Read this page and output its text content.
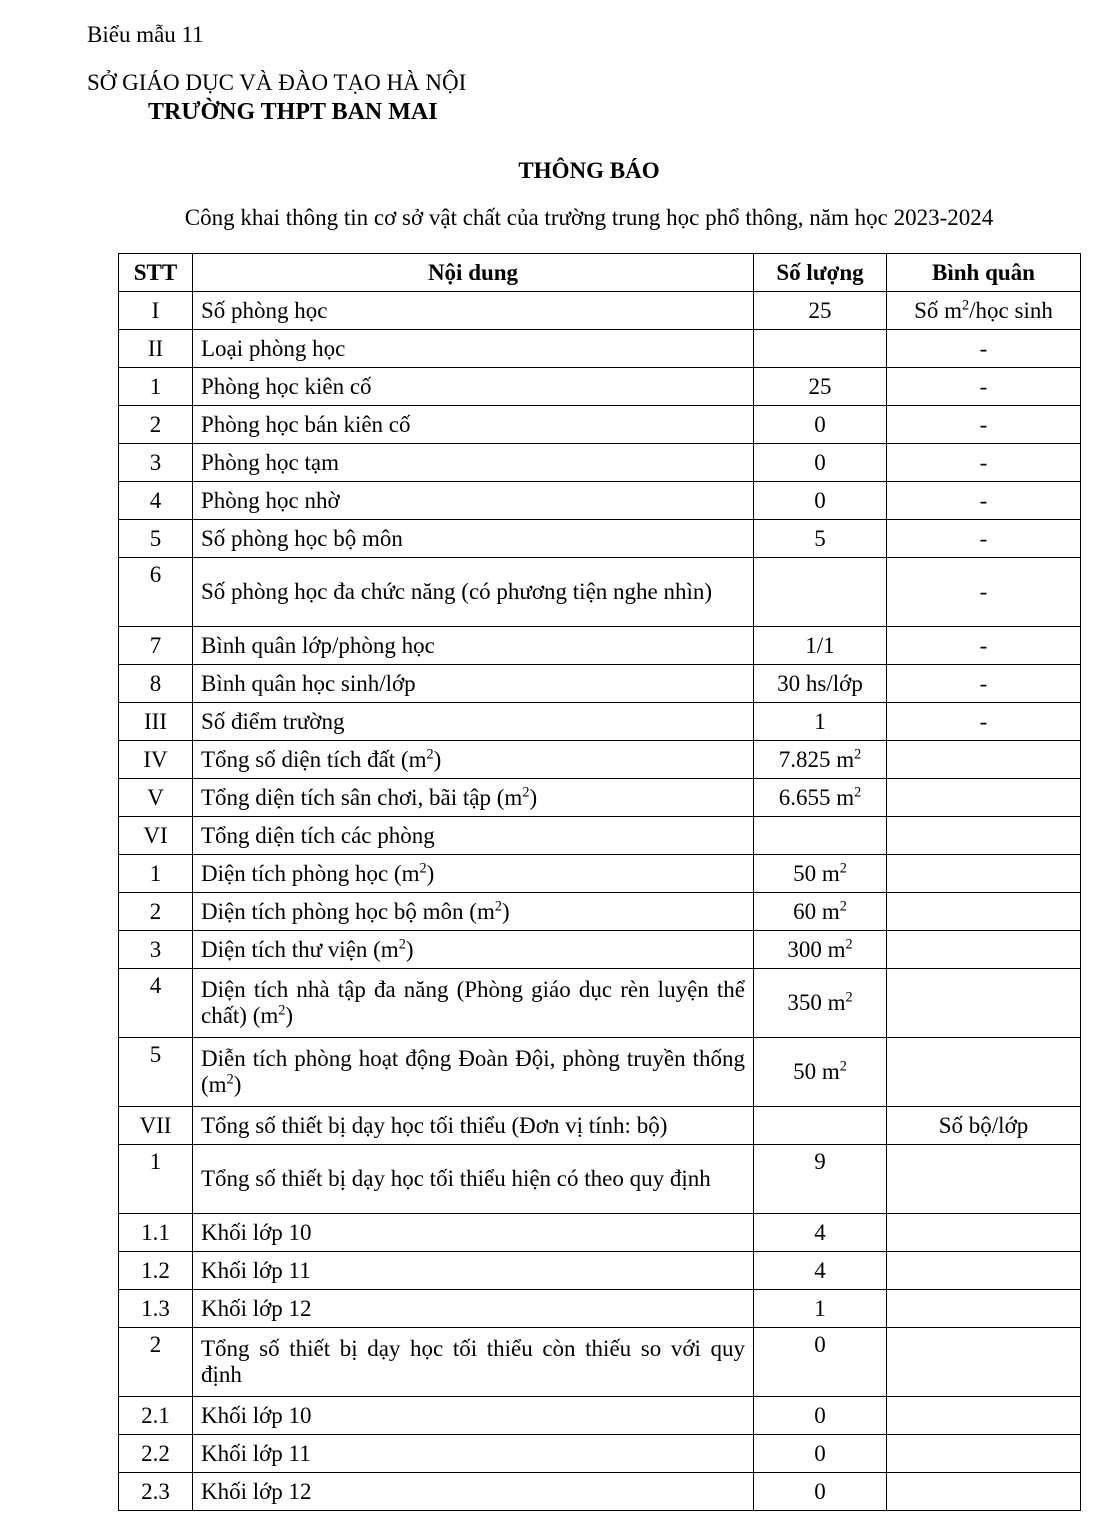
Biểu mẫu 11
SỞ GIÁO DỤC VÀ ĐÀO TẠO HÀ NỘI
TRƯỜNG THPT BAN MAI
THÔNG BÁO
Công khai thông tin cơ sở vật chất của trường trung học phổ thông, năm học 2023-2024
STT	Nội dung	Số lượng	Bình quân
I	Số phòng học	25	Số $m^2$/học sinh
II	Loại phòng học		-
1	Phòng học kiên cố	25	-
2	Phòng học bán kiên cố	0	-
3	Phòng học tạm	0	-
4	Phòng học nhờ	0	-
5	Số phòng học bộ môn	5	-
6	Số phòng học đa chức năng (có phương tiện nghe nhìn)		-
7	Bình quân lớp/phòng học	1/1	-
8	Bình quân học sinh/lớp	30 hs/lớp	-
III	Số điểm trường	1	-
IV	Tổng số diện tích đất $(m^2)$	7.825 $m^2$	
V	Tổng diện tích sân chơi, bãi tập $(m^2)$	6.655 $m^2$	
VI	Tổng diện tích các phòng		
1	Diện tích phòng học $(m^2)$	50 $m^2$	
2	Diện tích phòng học bộ môn $(m^2)$	60 $m^2$	
3	Diện tích thư viện $(m^2)$	300 $m^2$	
4	Diện tích nhà tập đa năng (Phòng giáo dục rèn luyện thể chất) $(m^2)$	350 $m^2$	
5	Diễn tích phòng hoạt động Đoàn Đội, phòng truyền thống $(m^2)$	50 $m^2$	
VII	Tổng số thiết bị dạy học tối thiểu (Đơn vị tính: bộ)		Số bộ/lớp
1	Tổng số thiết bị dạy học tối thiểu hiện có theo quy định	9	
1.1	Khối lớp 10	4	
1.2	Khối lớp 11	4	
1.3	Khối lớp 12	1	
2	Tổng số thiết bị dạy học tối thiểu còn thiếu so với quy định	0	
2.1	Khối lớp 10	0	
2.2	Khối lớp 11	0	
2.3	Khối lớp 12	0	
